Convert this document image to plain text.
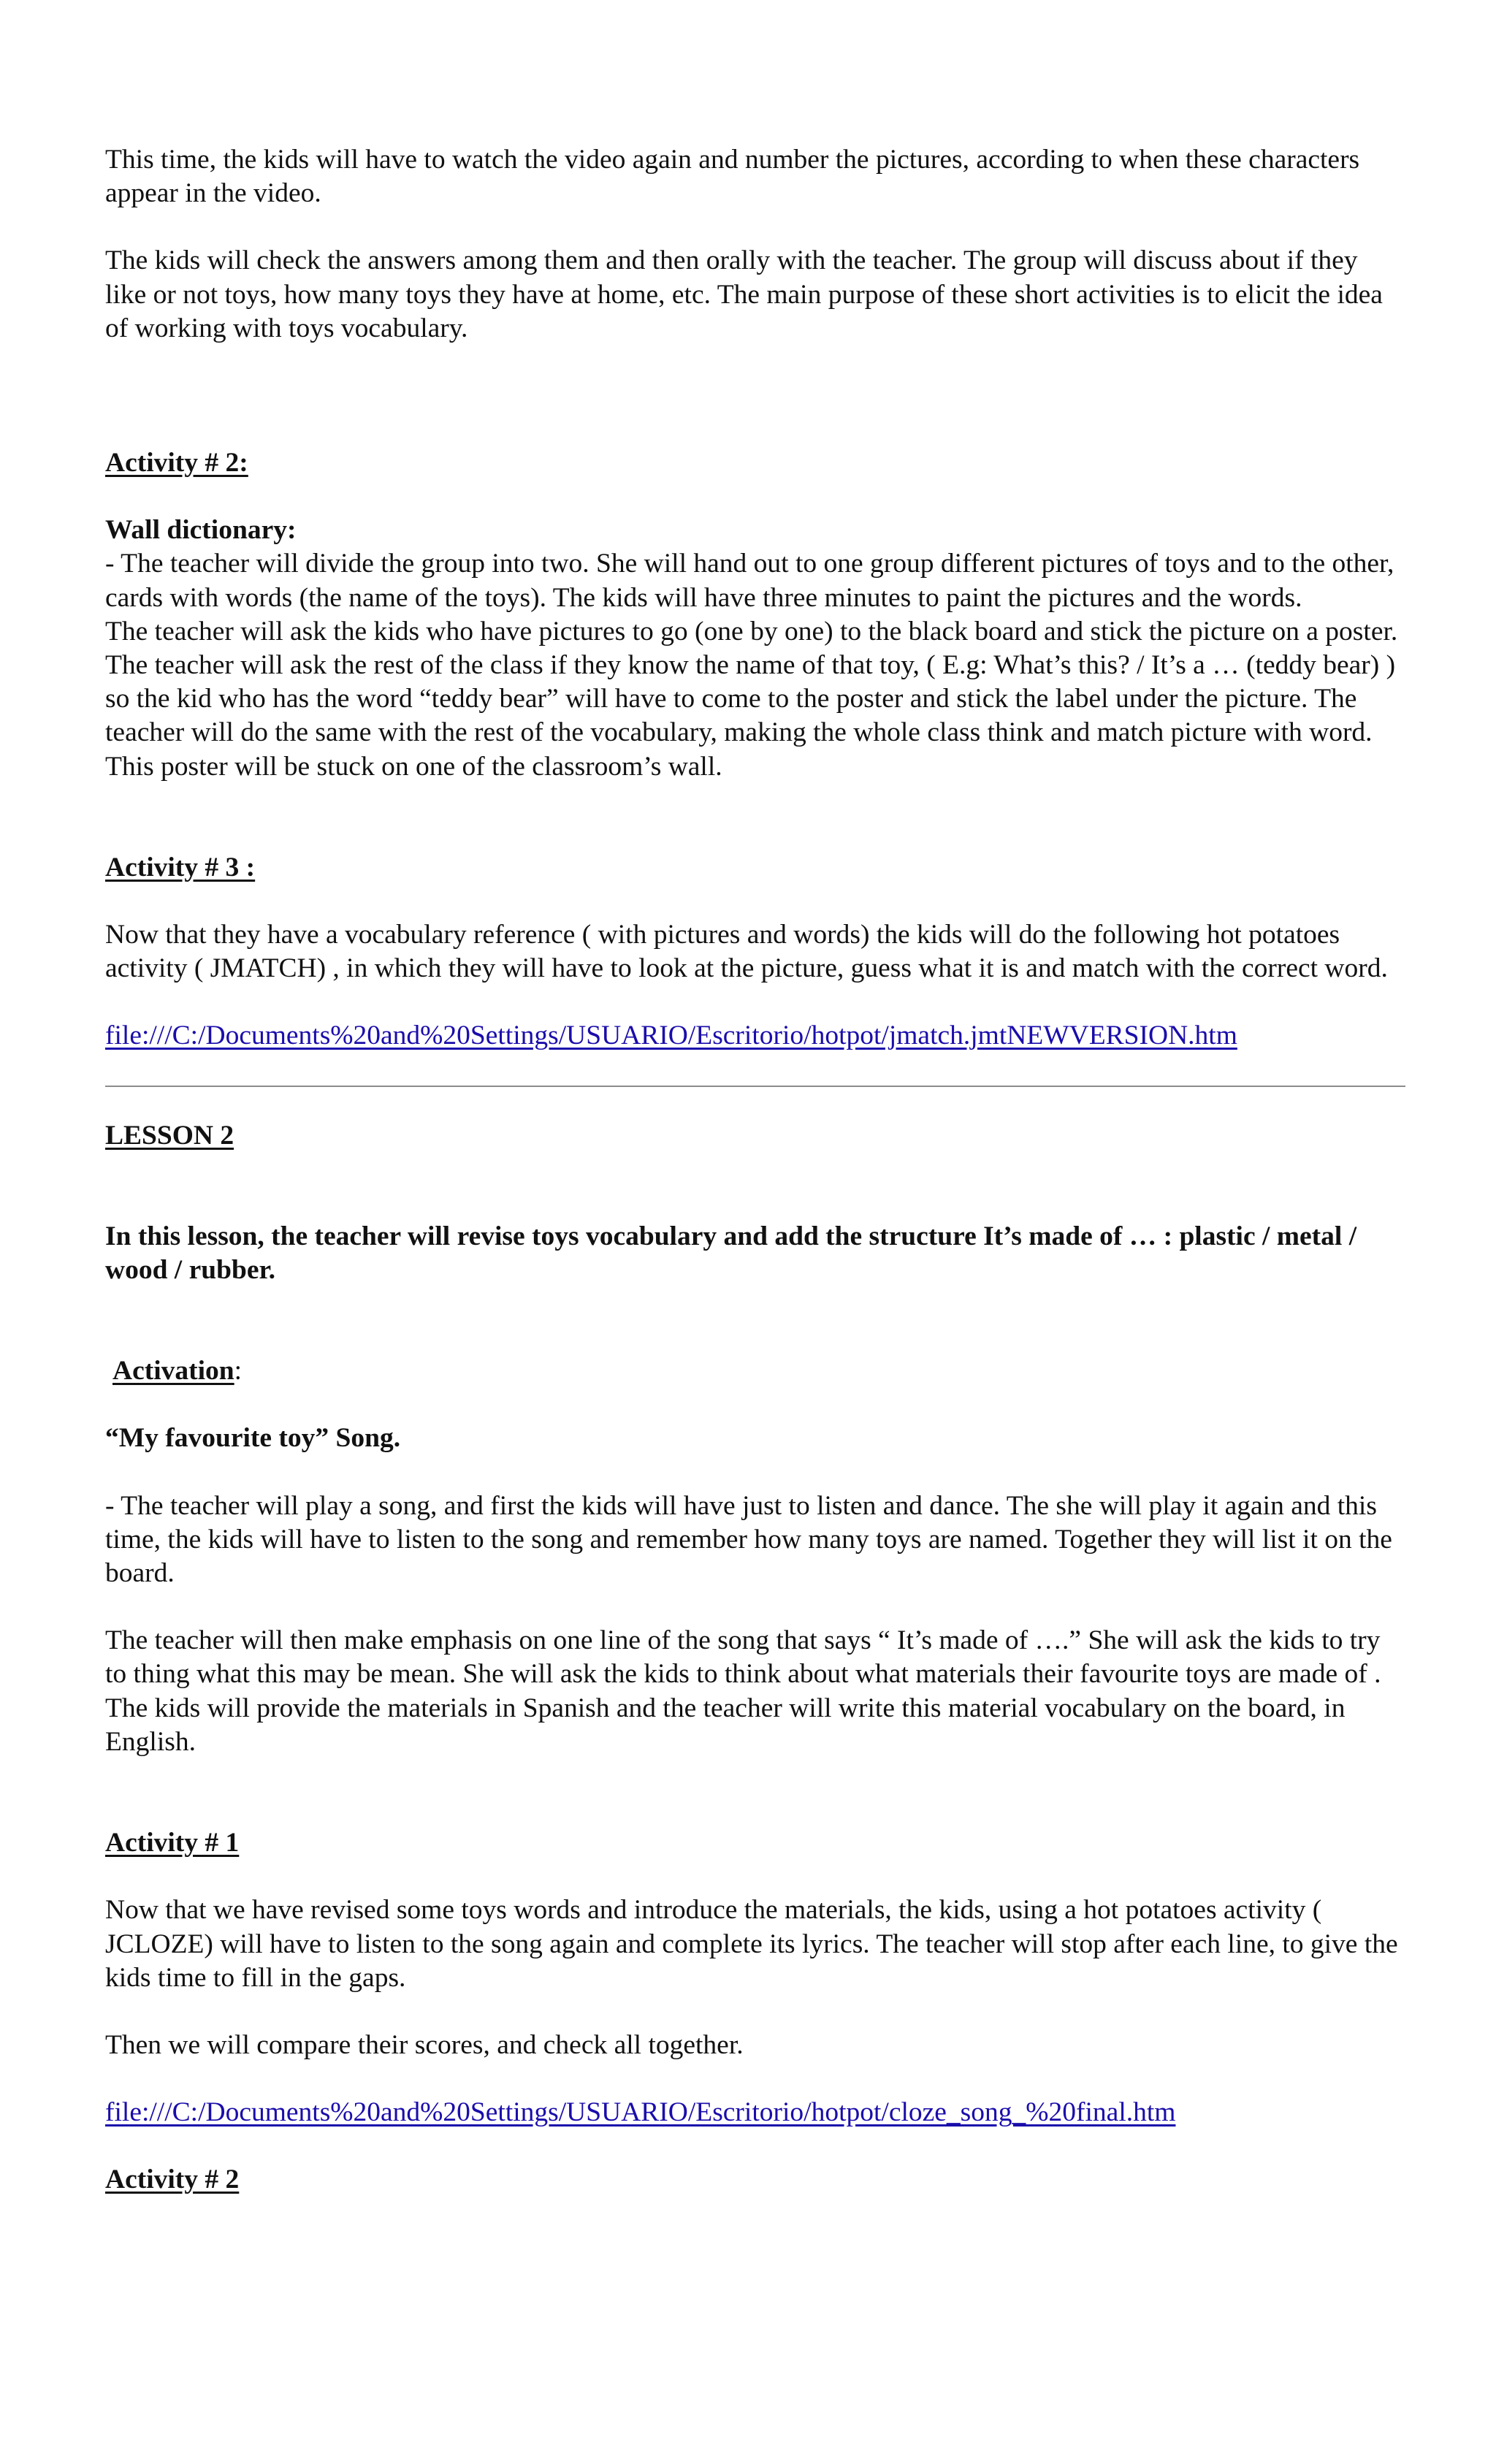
This time, the kids will have to watch the video again and number the pictures, according to when these characters appear in the video.

The kids will check the answers among them and then orally with the teacher. The group will discuss about if they like or not toys, how many toys they have at home, etc. The main purpose of these short activities is to elicit the idea of working with toys vocabulary.

Activity # 2:

Wall dictionary:

- The teacher will divide the group into two. She will hand out to one group different pictures of toys and to the other, cards with words (the name of the toys). The kids will have three minutes to paint the pictures and the words.

The teacher will ask the kids who have pictures to go (one by one) to the black board and stick the picture on a poster. The teacher will ask the rest of the class if they know the name of that toy, ( E.g: What’s this? / It’s a … (teddy bear) ) so the kid who has the word “teddy bear” will have to come to the poster and stick the label under the picture. The teacher will do the same with the rest of the vocabulary, making the whole class think and match picture with word.

This poster will be stuck on one of the classroom’s wall.

Activity # 3 :

Now that they have a vocabulary reference ( with pictures and words) the kids will do the following hot potatoes activity ( JMATCH) , in which they will have to look at the picture, guess what it is and match with the correct word.

file:///C:/Documents%20and%20Settings/USUARIO/Escritorio/hotpot/jmatch.jmtNEWVERSION.htm

LESSON 2

In this lesson, the teacher will revise toys vocabulary and add the structure It’s made of … : plastic / metal / wood / rubber.

Activation:

“My favourite toy” Song.

- The teacher will play a song, and first the kids will have just to listen and dance. The she will play it again and this time, the kids will have to listen to the song and remember how many toys are named. Together they will list it on the board.

The teacher will then make emphasis on one line of the song that says “ It’s made of ….” She will ask the kids to try to thing what this may be mean. She will ask the kids to think about what materials their favourite toys are made of . The kids will provide the materials in Spanish and the teacher will write this material vocabulary on the board, in English.

Activity # 1

Now that we have revised some toys words and introduce the materials, the kids, using a hot potatoes activity ( JCLOZE) will have to listen to the song again and complete its lyrics. The teacher will stop after each line, to give the kids time to fill in the gaps.

Then we will compare their scores, and check all together.

file:///C:/Documents%20and%20Settings/USUARIO/Escritorio/hotpot/cloze_song_%20final.htm

Activity # 2
